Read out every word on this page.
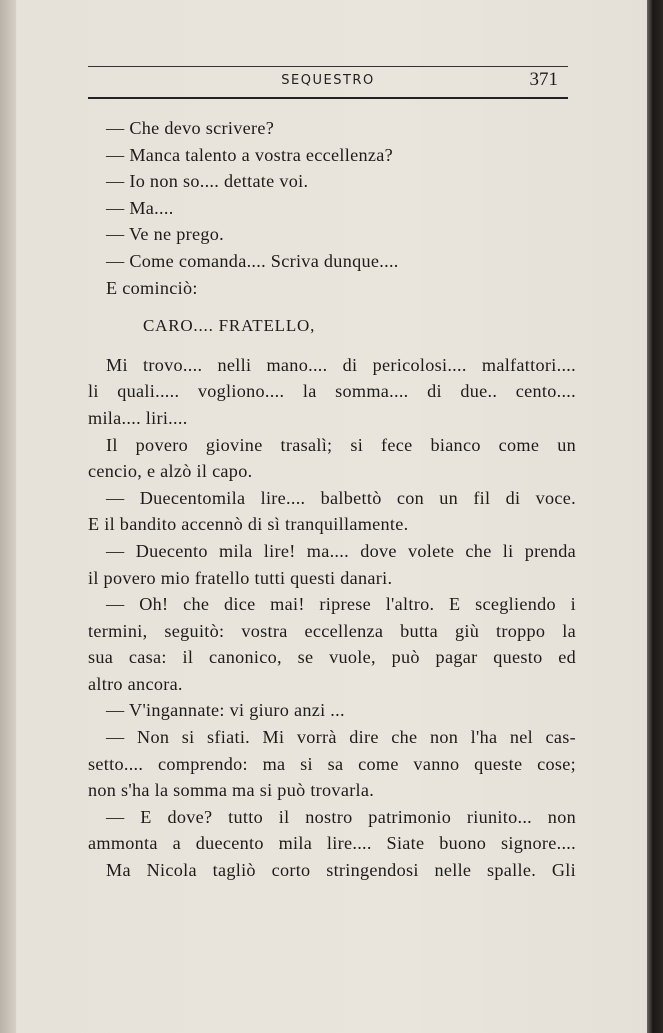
SEQUESTRO	371
— Che devo scrivere?
— Manca talento a vostra eccellenza?
— Io non so.... dettate voi.
— Ma....
— Ve ne prego.
— Come comanda.... Scriva dunque....
E cominciò:
CARO.... FRATELLO,
Mi trovo.... nelli mano.... di pericolosi.... malfattori....
li quali..... vogliono.... la somma.... di due.. cento....
mila.... liri....
Il povero giovine trasalì; si fece bianco come un
cencio, e alzò il capo.
— Duecentomila lire.... balbettò con un fil di voce.
E il bandito accennò di sì tranquillamente.
— Duecento mila lire! ma.... dove volete che li prenda
il povero mio fratello tutti questi danari.
— Oh! che dice mai! riprese l'altro. E scegliendo i
termini, seguitò: vostra eccellenza butta giù troppo la
sua casa: il canonico, se vuole, può pagar questo ed
altro ancora.
— V'ingannate: vi giuro anzi ...
— Non si sfiati. Mi vorrà dire che non l'ha nel cas-
setto.... comprendo: ma si sa come vanno queste cose;
non s'ha la somma ma si può trovarla.
— E dove? tutto il nostro patrimonio riunito... non
ammonta a duecento mila lire.... Siate buono signore....
Ma Nicola tagliò corto stringendosi nelle spalle. Gli
